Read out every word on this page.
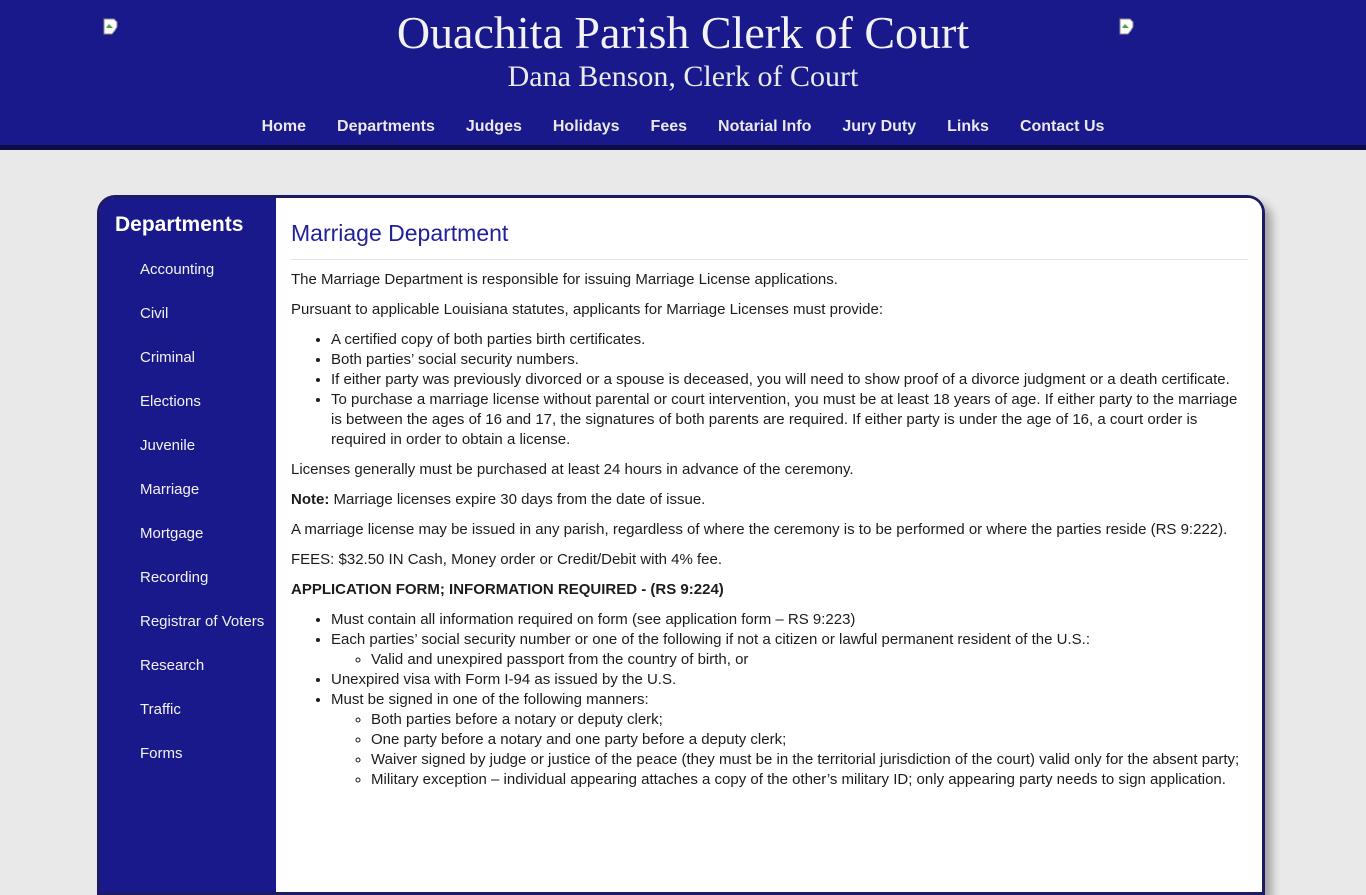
Ouachita Parish Clerk of Court
Dana Benson, Clerk of Court
Home Departments Judges Holidays Fees Notarial Info Jury Duty Links Contact Us
Departments
Accounting
Civil
Criminal
Elections
Juvenile
Marriage
Mortgage
Recording
Registrar of Voters
Research
Traffic
Forms
Marriage Department

The Marriage Department is responsible for issuing Marriage License applications.

Pursuant to applicable Louisiana statutes, applicants for Marriage Licenses must provide:

• A certified copy of both parties birth certificates.
• Both parties’ social security numbers.
• If either party was previously divorced or a spouse is deceased, you will need to show proof of a divorce judgment or a death certificate.
• To purchase a marriage license without parental or court intervention, you must be at least 18 years of age. If either party to the marriage is between the ages of 16 and 17, the signatures of both parents are required. If either party is under the age of 16, a court order is required in order to obtain a license.

Licenses generally must be purchased at least 24 hours in advance of the ceremony.

Note: Marriage licenses expire 30 days from the date of issue.

A marriage license may be issued in any parish, regardless of where the ceremony is to be performed or where the parties reside (RS 9:222).

FEES: $32.50 IN Cash, Money order or Credit/Debit with 4% fee.

APPLICATION FORM; INFORMATION REQUIRED - (RS 9:224)

• Must contain all information required on form (see application form – RS 9:223)
• Each parties’ social security number or one of the following if not a citizen or lawful permanent resident of the U.S.:
◦ Valid and unexpired passport from the country of birth, or
• Unexpired visa with Form I-94 as issued by the U.S.
• Must be signed in one of the following manners:
◦ Both parties before a notary or deputy clerk;
◦ One party before a notary and one party before a deputy clerk;
◦ Waiver signed by judge or justice of the peace (they must be in the territorial jurisdiction of the court) valid only for the absent party;
◦ Military exception – individual appearing attaches a copy of the other’s military ID; only appearing party needs to sign application.
